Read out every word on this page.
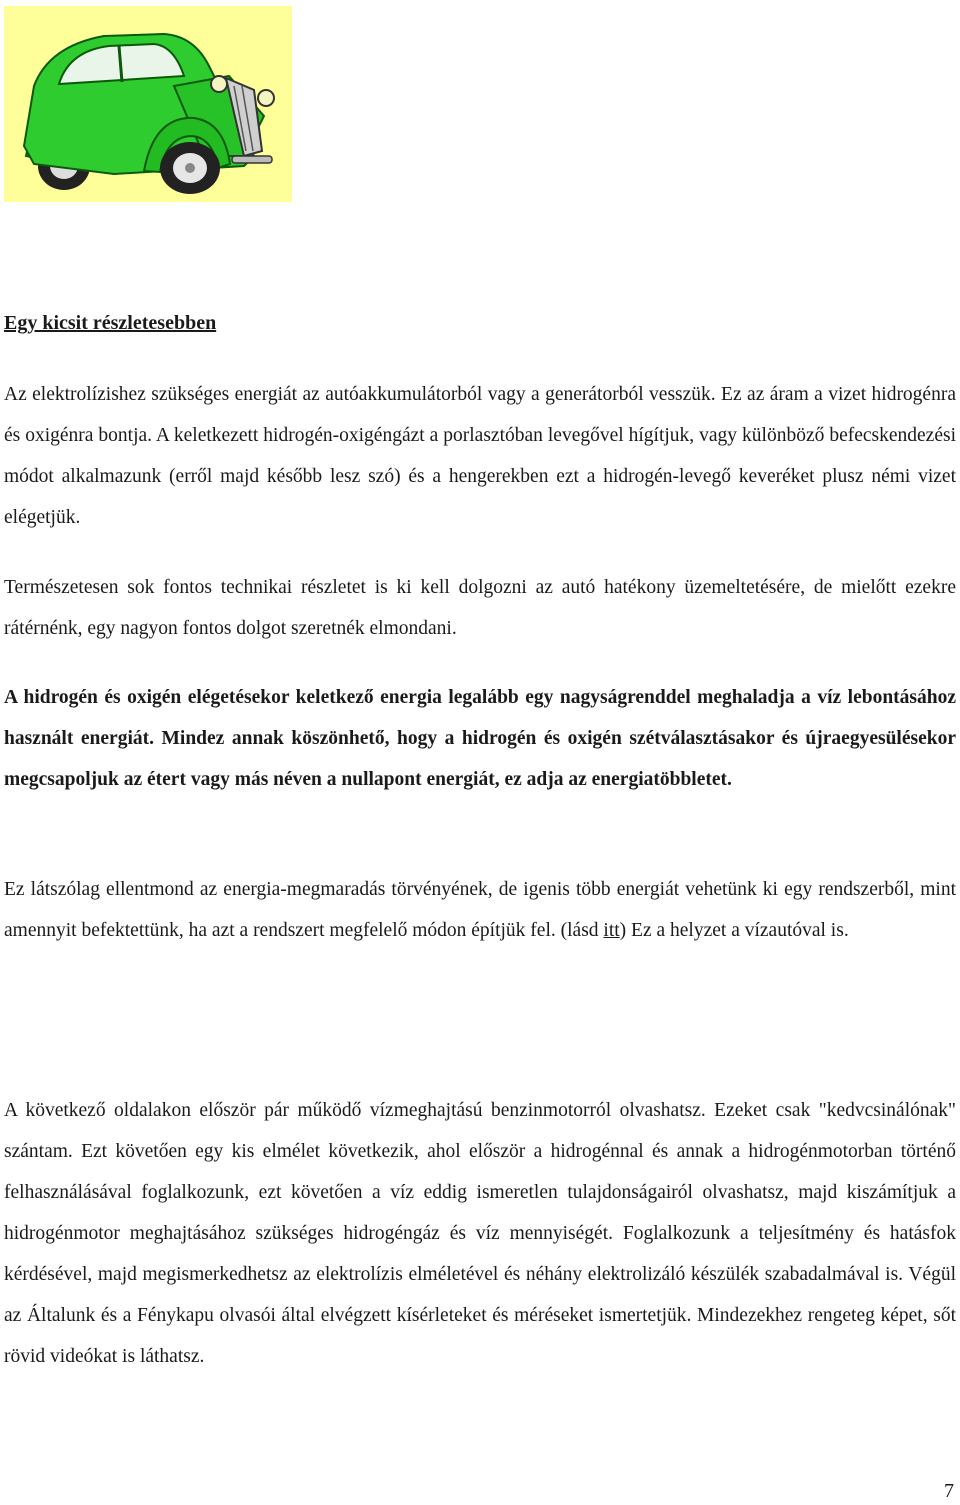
Egy kicsit részletesebben

Az elektrolízishez szükséges energiát az autóakkumulátorból vagy a generátorból vesszük. Ez az áram a vizet hidrogénra és oxigénra bontja. A keletkezett hidrogén-oxigéngázt a porlasztóban levegővel hígítjuk, vagy különböző befecskendezési módot alkalmazunk (erről majd később lesz szó) és a hengerekben ezt a hidrogén-levegő keveréket plusz némi vizet elégetjük.

Természetesen sok fontos technikai részletet is ki kell dolgozni az autó hatékony üzemeltetésére, de mielőtt ezekre rátérnénk, egy nagyon fontos dolgot szeretnék elmondani.

A hidrogén és oxigén elégetésekor keletkező energia legalább egy nagyságrenddel meghaladja a víz lebontásához használt energiát. Mindez annak köszönhető, hogy a hidrogén és oxigén szétválasztásakor és újraegyesülésekor megcsapoljuk az étert vagy más néven a nullapont energiát, ez adja az energiatöbbletet.

Ez látszólag ellentmond az energia-megmaradás törvényének, de igenis több energiát vehetünk ki egy rendszerből, mint amennyit befektettünk, ha azt a rendszert megfelelő módon építjük fel. (lásd itt) Ez a helyzet a vízautóval is.

A következő oldalakon először pár működő vízmeghajtású benzinmotorról olvashatsz. Ezeket csak "kedvcsinálónak" szántam. Ezt követően egy kis elmélet következik, ahol először a hidrogénnal és annak a hidrogénmotorban történő felhasználásával foglalkozunk, ezt követően a víz eddig ismeretlen tulajdonságairól olvashatsz, majd kiszámítjuk a hidrogénmotor meghajtásához szükséges hidrogéngáz és víz mennyiségét. Foglalkozunk a teljesítmény és hatásfok kérdésével, majd megismerkedhetsz az elektrolízis elméletével és néhány elektrolizáló készülék szabadalmával is. Végül az Általunk és a Fénykapu olvasói által elvégzett kísérleteket és méréseket ismertetjük. Mindezekhez rengeteg képet, sőt rövid videókat is láthatsz.

7
